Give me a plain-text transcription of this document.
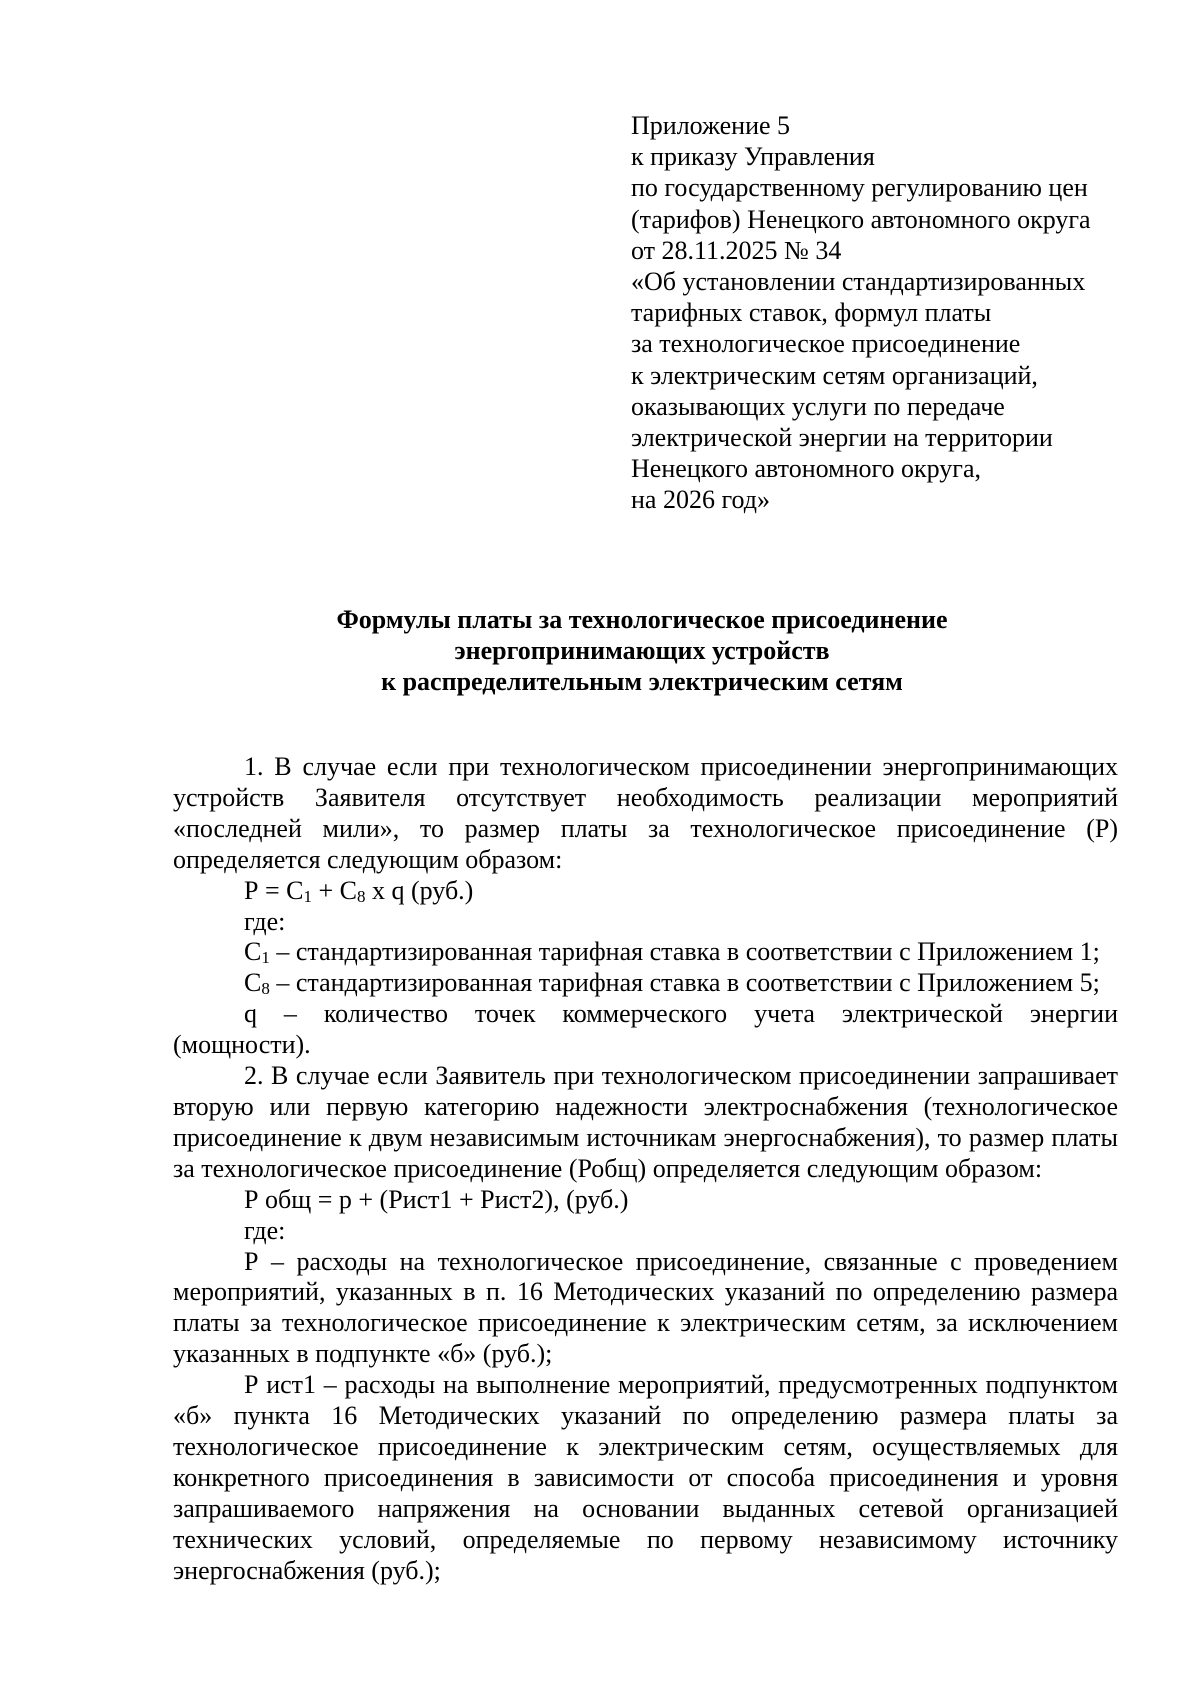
Приложение 5
к приказу Управления
по государственному регулированию цен
(тарифов) Ненецкого автономного округа
от 28.11.2025 № 34
«Об установлении стандартизированных
тарифных ставок, формул платы
за технологическое присоединение
к электрическим сетям организаций,
оказывающих услуги по передаче
электрической энергии на территории
Ненецкого автономного округа,
на 2026 год»
Формулы платы за технологическое присоединение
энергопринимающих устройств
к распределительным электрическим сетям

1. В случае если при технологическом присоединении энергопринимающих устройств Заявителя отсутствует необходимость реализации мероприятий «последней мили», то размер платы за технологическое присоединение (Р) определяется следующим образом:

$Р = С_1 + С_8$ х q (руб.)
где:
$С_1$ – стандартизированная тарифная ставка в соответствии с Приложением 1;
$С_8$ – стандартизированная тарифная ставка в соответствии с Приложением 5;

q – количество точек коммерческого учета электрической энергии (мощности).

2. В случае если Заявитель при технологическом присоединении запрашивает вторую или первую категорию надежности электроснабжения (технологическое присоединение к двум независимым источникам энергоснабжения), то размер платы за технологическое присоединение (Робщ) определяется следующим образом:

Р общ = р + (Рист1 + Рист2), (руб.)
где:

Р – расходы на технологическое присоединение, связанные с проведением мероприятий, указанных в п. 16 Методических указаний по определению размера платы за технологическое присоединение к электрическим сетям, за исключением указанных в подпункте «б» (руб.);

Р ист1 – расходы на выполнение мероприятий, предусмотренных подпунктом «б» пункта 16 Методических указаний по определению размера платы за технологическое присоединение к электрическим сетям, осуществляемых для конкретного присоединения в зависимости от способа присоединения и уровня запрашиваемого напряжения на основании выданных сетевой организацией технических условий, определяемые по первому независимому источнику энергоснабжения (руб.);
